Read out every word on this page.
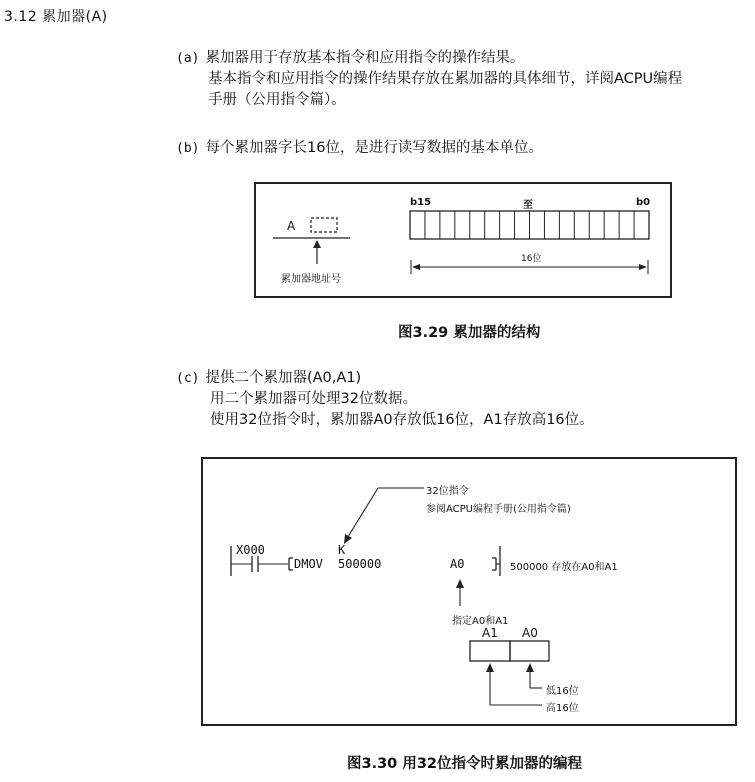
3.12 累加器(A)
(a) 累加器用于存放基本指令和应用指令的操作结果。
基本指令和应用指令的操作结果存放在累加器的具体细节，详阅ACPU编程
手册（公用指令篇）。
(b) 每个累加器字长16位，是进行读写数据的基本单位。
A
累加器地址号
b15	至	b0
16位
图3.29 累加器的结构
(c) 提供二个累加器(A0,A1)
用二个累加器可处理32位数据。
使用32位指令时，累加器A0存放低16位，A1存放高16位。
32位指令
参阅ACPU编程手册(公用指令篇)
X000
DMOV
K
500000	A0	500000 存放在A0和A1
指定A0和A1
A1 A0
低16位
高16位
图3.30 用32位指令时累加器的编程
